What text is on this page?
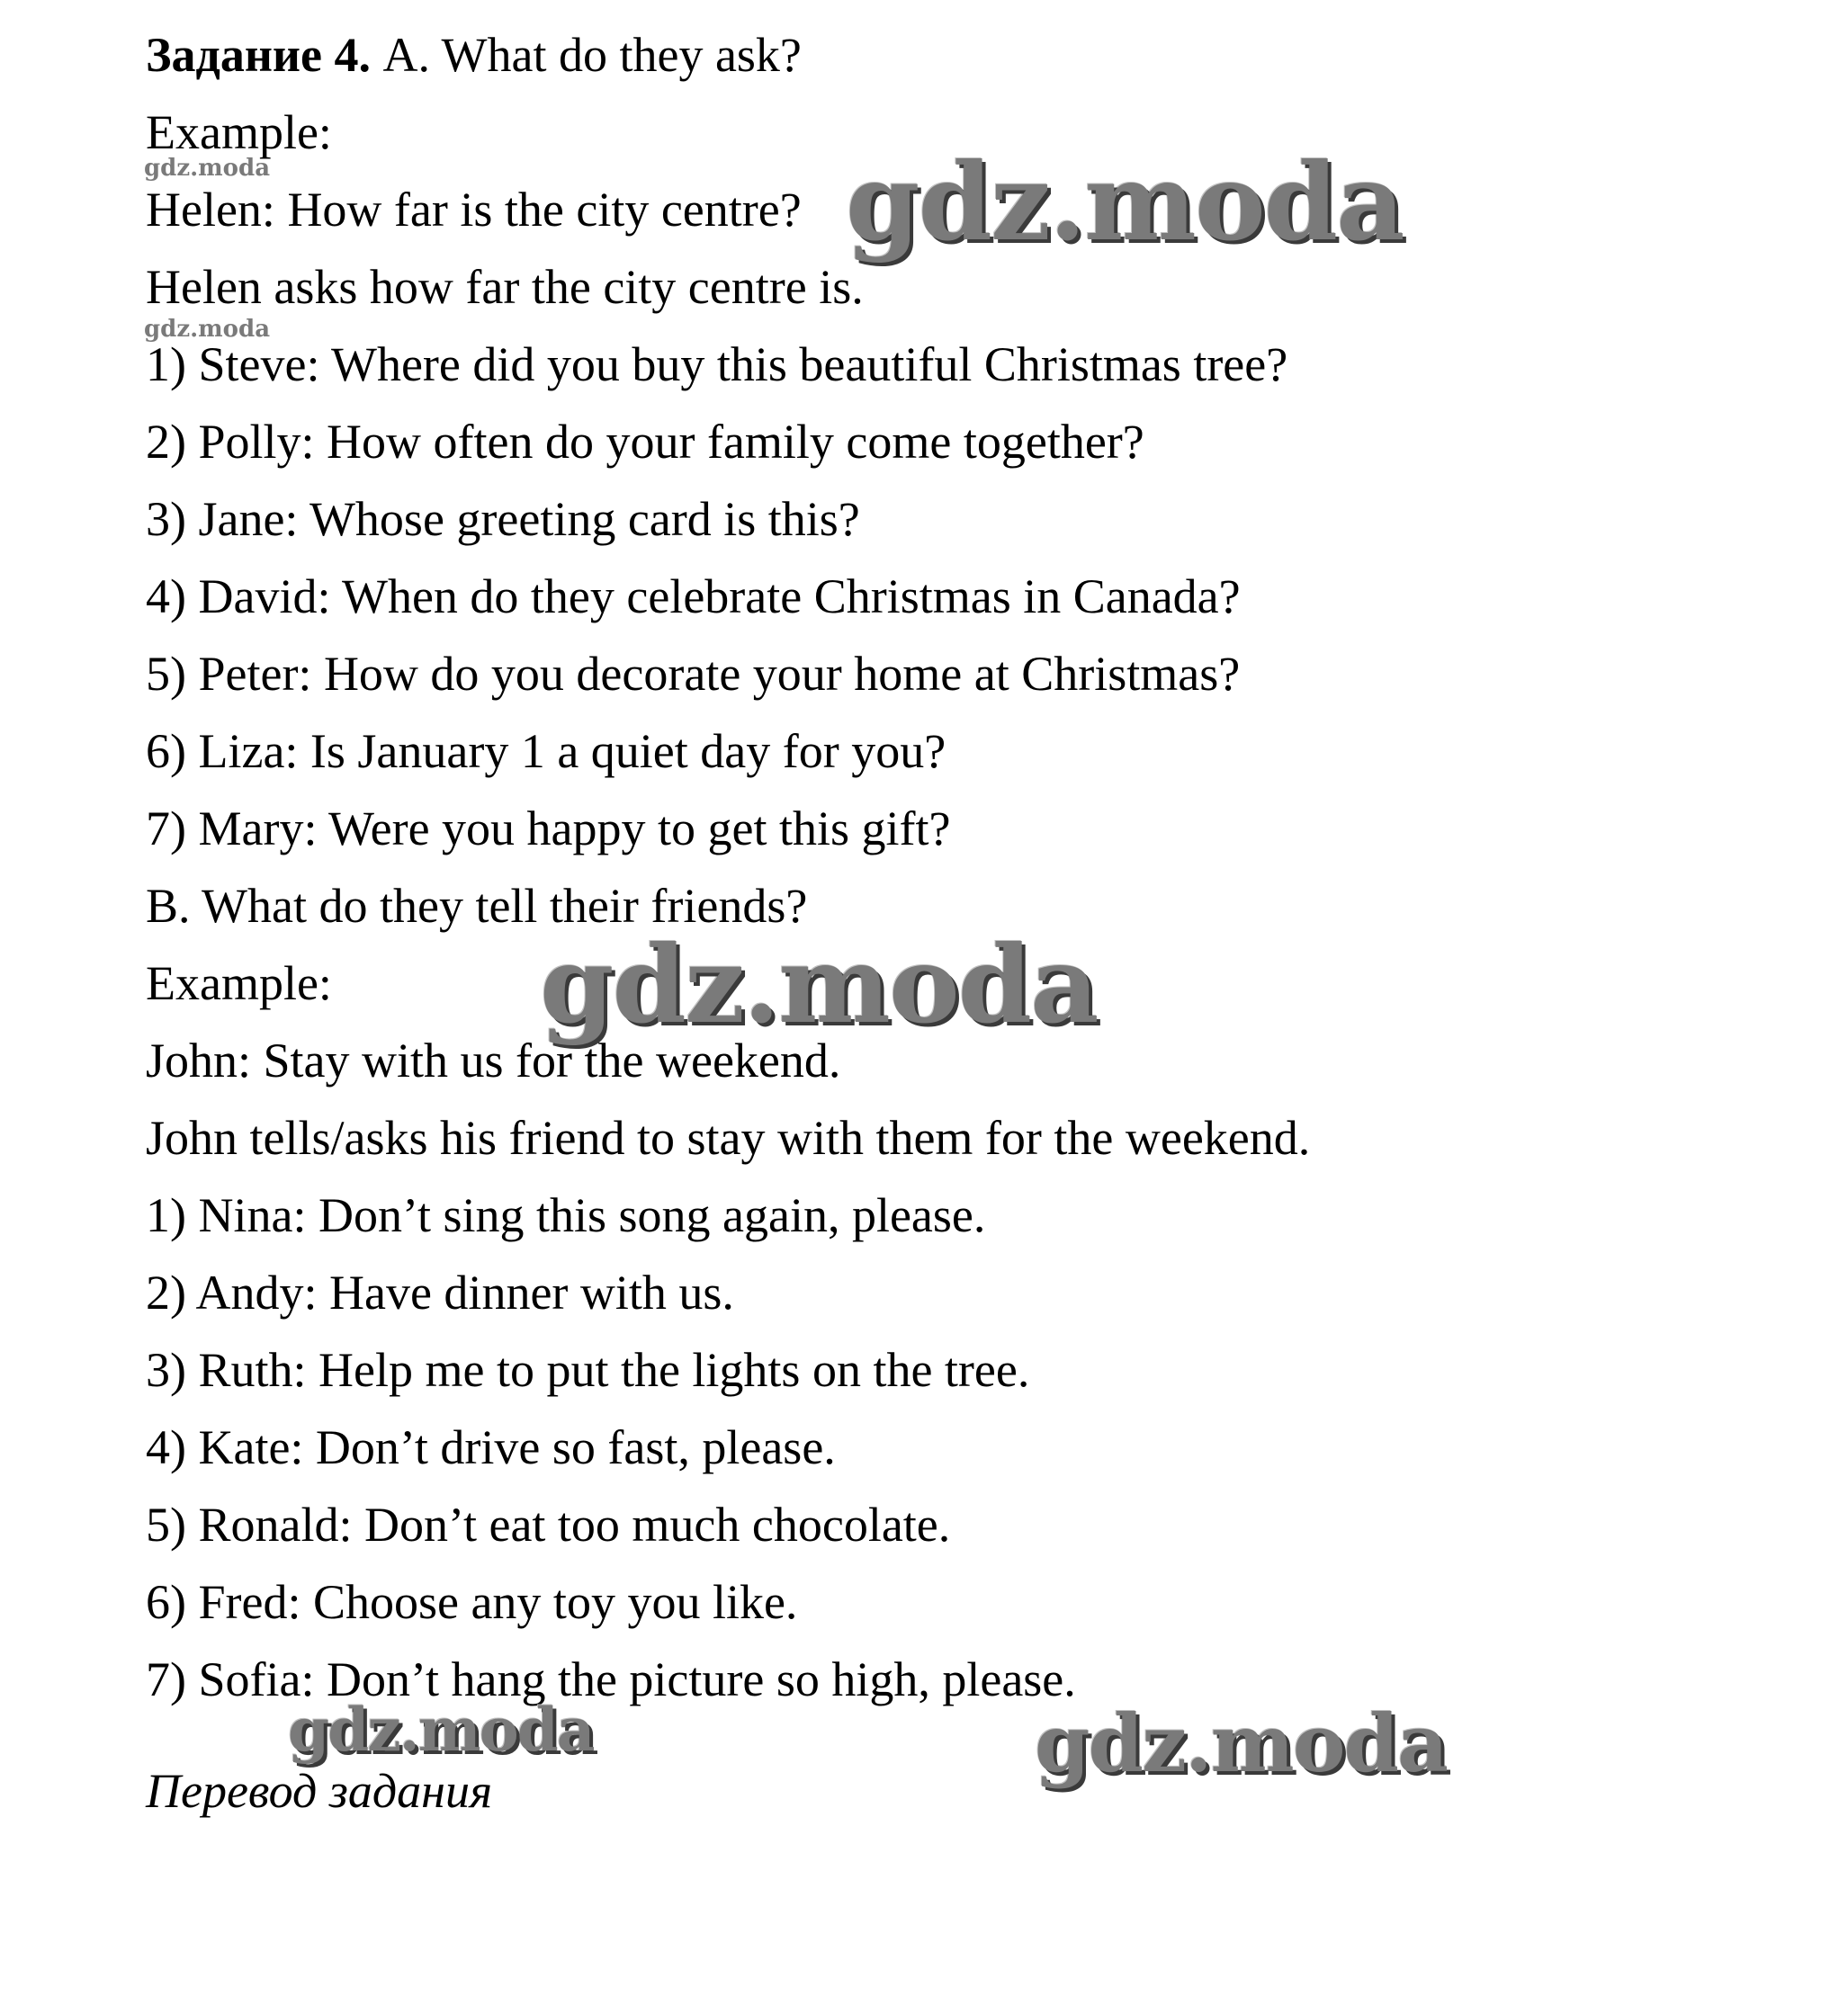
Задание 4. A. What do they ask?
Example:
Helen: How far is the city centre?
Helen asks how far the city centre is.
1) Steve: Where did you buy this beautiful Christmas tree?
2) Polly: How often do your family come together?
3) Jane: Whose greeting card is this?
4) David: When do they celebrate Christmas in Canada?
5) Peter: How do you decorate your home at Christmas?
6) Liza: Is January 1 a quiet day for you?
7) Mary: Were you happy to get this gift?
B. What do they tell their friends?
Example:
John: Stay with us for the weekend.
John tells/asks his friend to stay with them for the weekend.
1) Nina: Don’t sing this song again, please.
2) Andy: Have dinner with us.
3) Ruth: Help me to put the lights on the tree.
4) Kate: Don’t drive so fast, please.
5) Ronald: Don’t eat too much chocolate.
6) Fred: Choose any toy you like.
7) Sofia: Don’t hang the picture so high, please.
Перевод задания
gdz.moda
gdz.moda
gdz.moda
gdz.moda
gdz.moda	gdz.moda
